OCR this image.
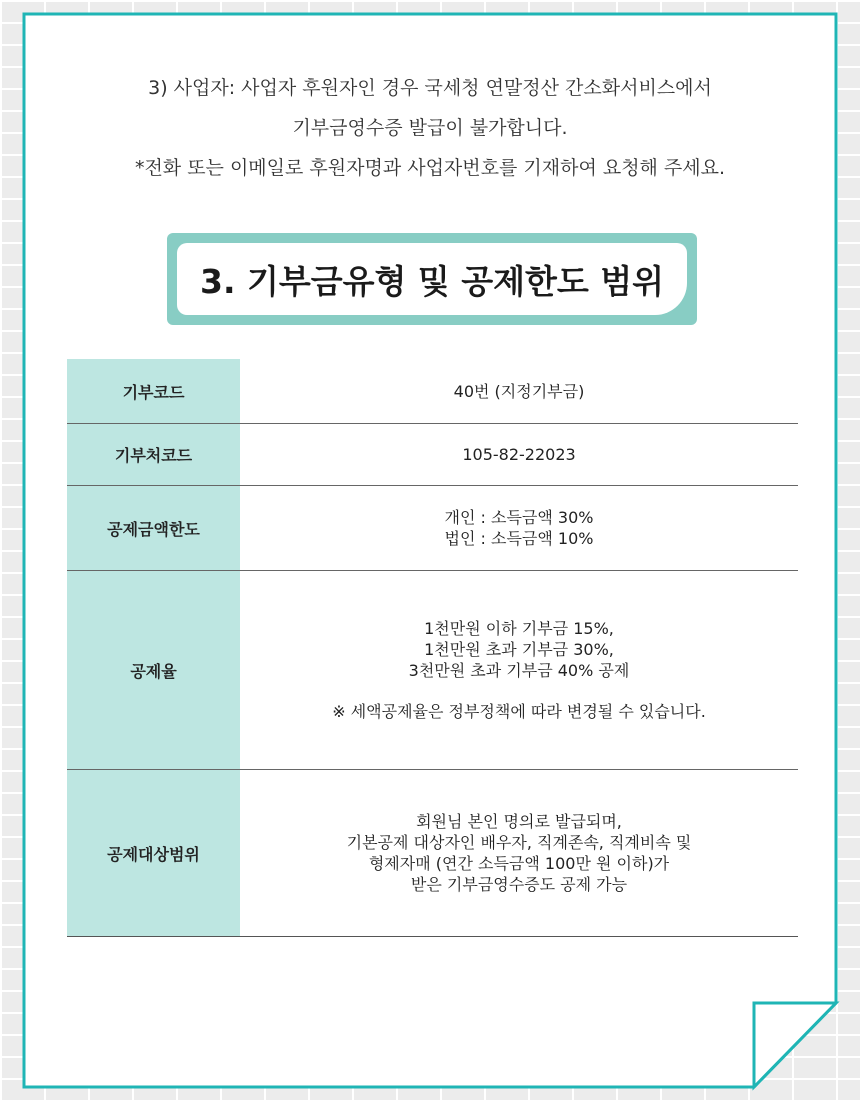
3) 사업자: 사업자 후원자인 경우 국세청 연말정산 간소화서비스에서

기부금영수증 발급이 불가합니다.

*전화 또는 이메일로 후원자명과 사업자번호를 기재하여 요청해 주세요.

3. 기부금유형 및 공제한도 범위
기부코드	40번 (지정기부금)
기부처코드	105-82-22023
공제금액한도
개인 : 소득금액 30%
법인 : 소득금액 10%
공제율
1천만원 이하 기부금 15%,
1천만원 초과 기부금 30%,
3천만원 초과 기부금 40% 공제
※ 세액공제율은 정부정책에 따라 변경될 수 있습니다.
공제대상범위
회원님 본인 명의로 발급되며,
기본공제 대상자인 배우자, 직계존속, 직계비속 및
형제자매 (연간 소득금액 100만 원 이하)가
받은 기부금영수증도 공제 가능
